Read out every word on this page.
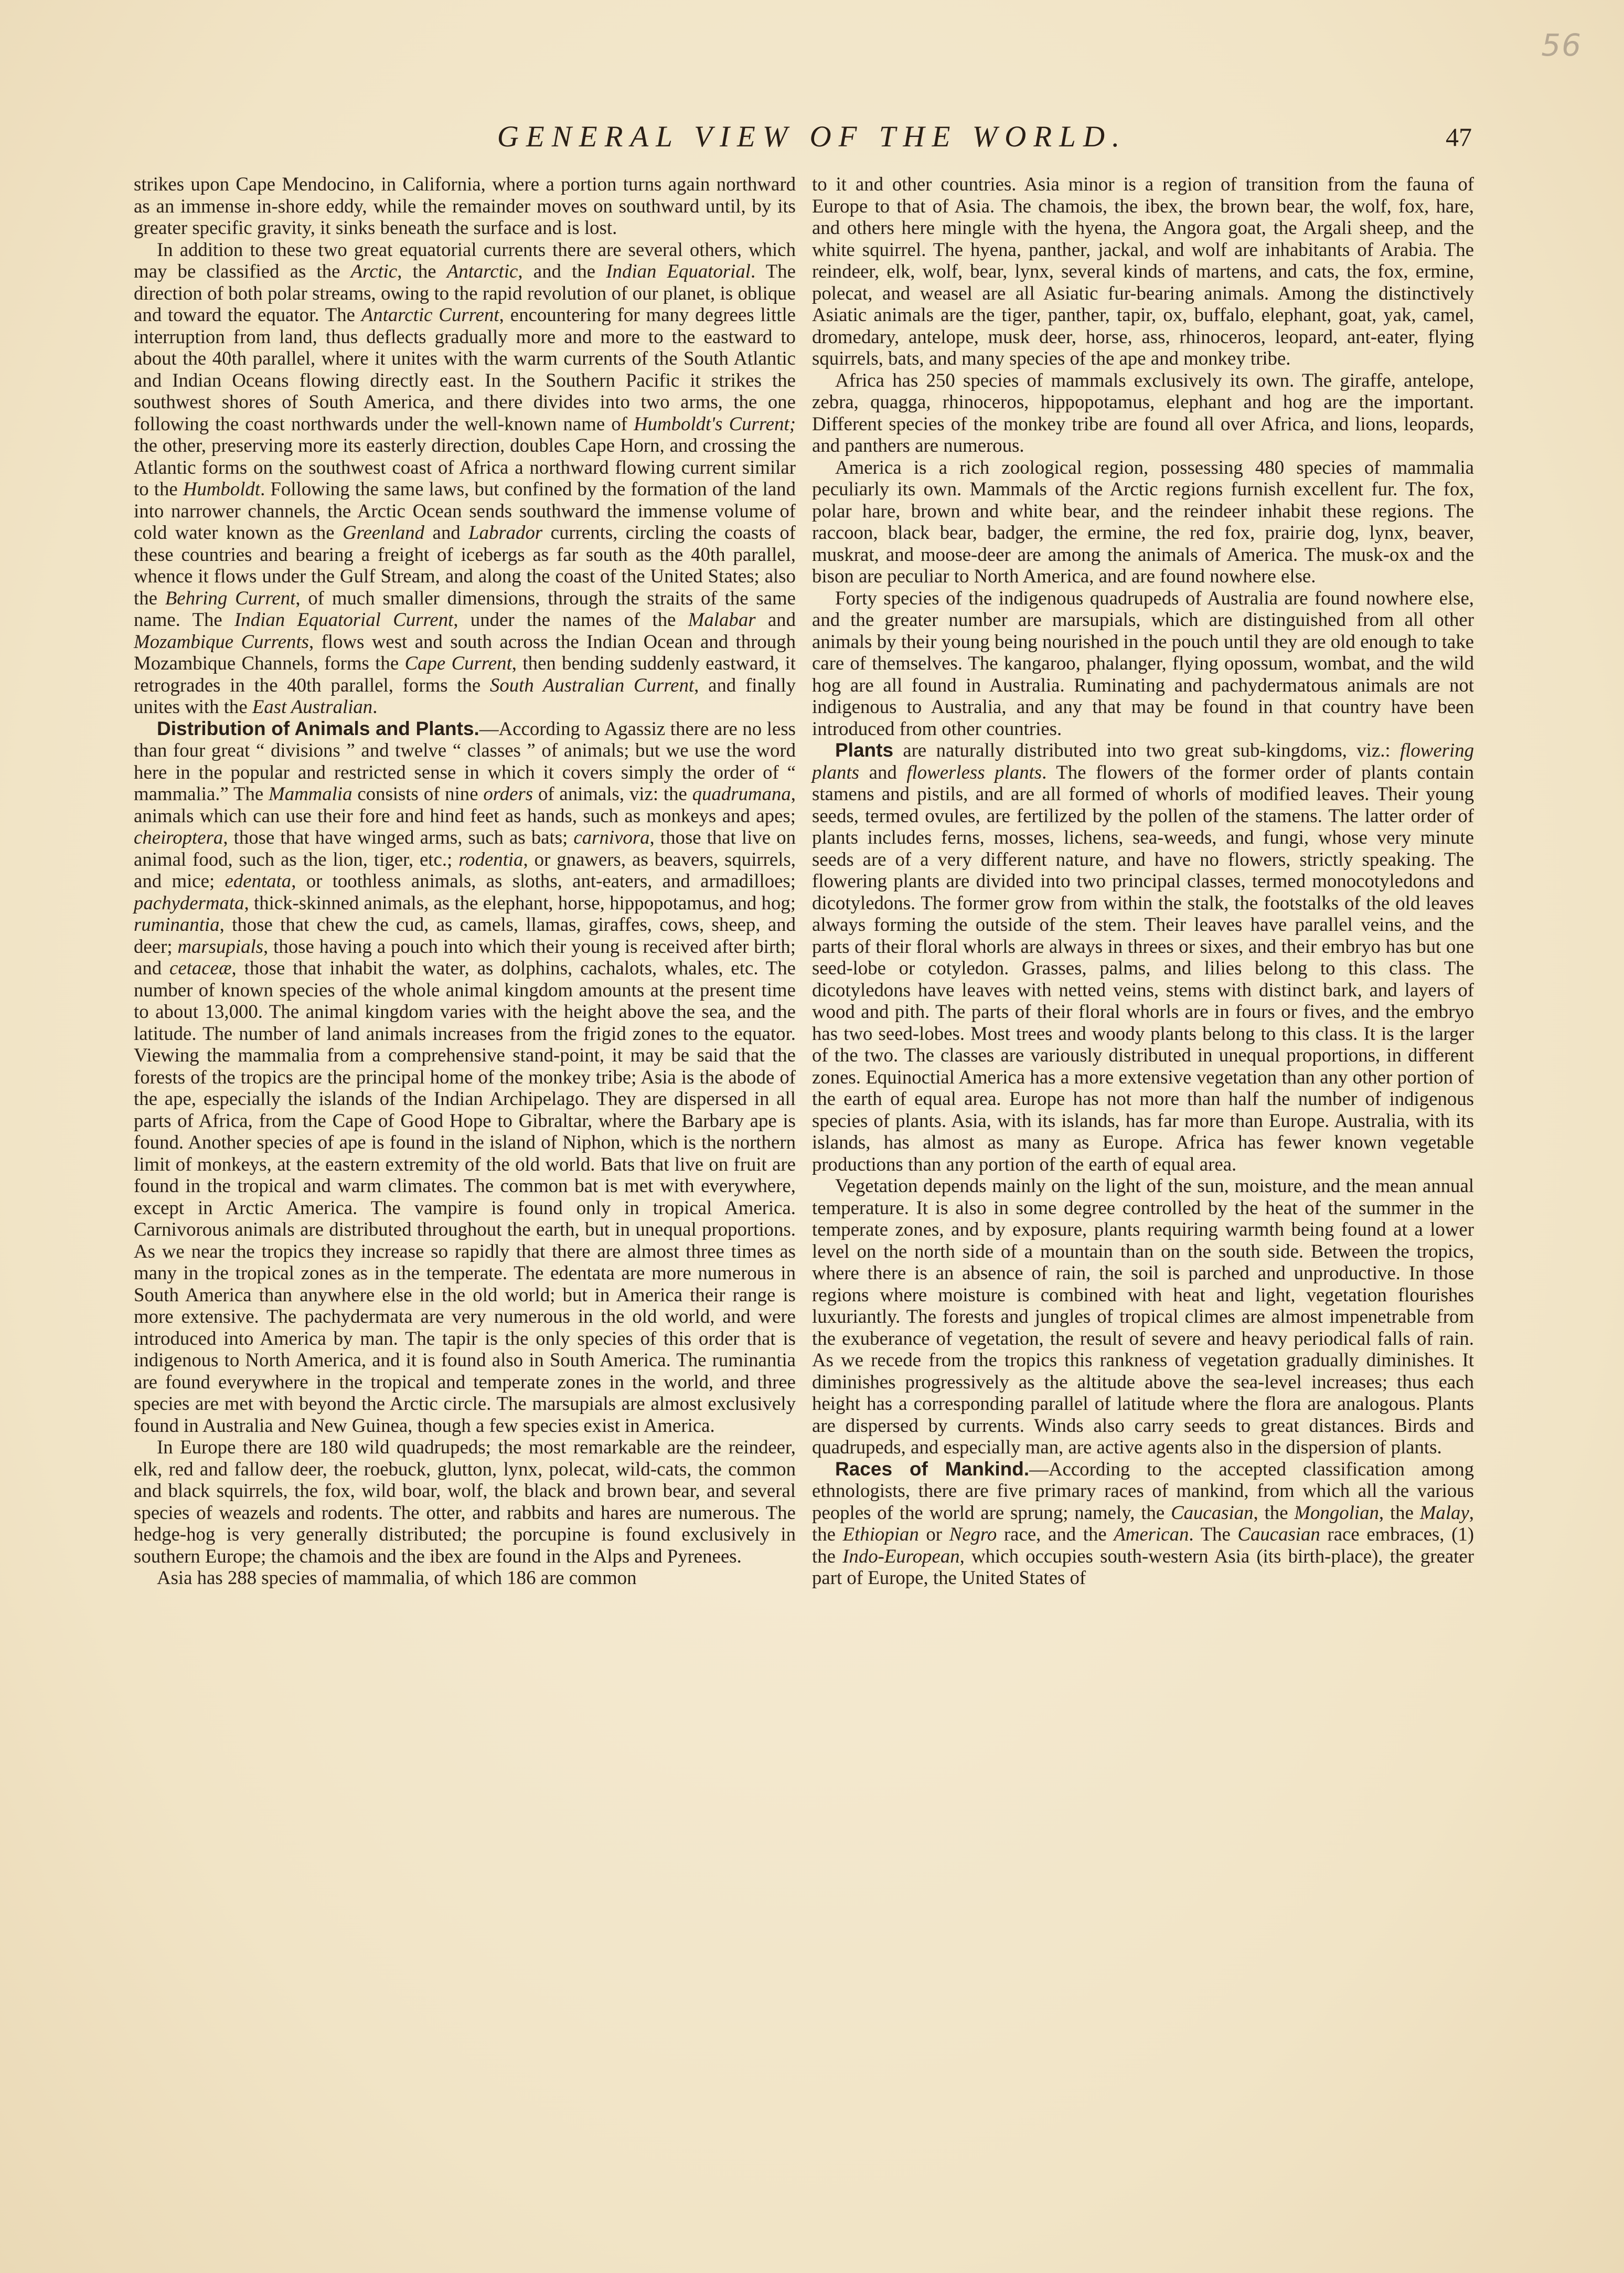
56
GENERAL VIEW OF THE WORLD.	47

strikes upon Cape Mendocino, in California, where a portion turns again northward as an immense in-shore eddy, while the remainder moves on southward until, by its greater specific gravity, it sinks beneath the surface and is lost.

In addition to these two great equatorial currents there are several others, which may be classified as the Arctic, the Antarctic, and the Indian Equatorial. The direction of both polar streams, owing to the rapid revolution of our planet, is oblique and toward the equator. The Antarctic Current, encountering for many degrees little interruption from land, thus deflects gradually more and more to the eastward to about the 40th parallel, where it unites with the warm currents of the South Atlantic and Indian Oceans flowing directly east. In the Southern Pacific it strikes the southwest shores of South America, and there divides into two arms, the one following the coast northwards under the well-known name of Humboldt's Current; the other, preserving more its easterly direction, doubles Cape Horn, and crossing the Atlantic forms on the southwest coast of Africa a northward flowing current similar to the Humboldt. Following the same laws, but confined by the formation of the land into narrower channels, the Arctic Ocean sends southward the immense volume of cold water known as the Greenland and Labrador currents, circling the coasts of these countries and bearing a freight of icebergs as far south as the 40th parallel, whence it flows under the Gulf Stream, and along the coast of the United States; also the Behring Current, of much smaller dimensions, through the straits of the same name. The Indian Equatorial Current, under the names of the Malabar and Mozambique Currents, flows west and south across the Indian Ocean and through Mozambique Channels, forms the Cape Current, then bending suddenly eastward, it retrogrades in the 40th parallel, forms the South Australian Current, and finally unites with the East Australian.

Distribution of Animals and Plants.—According to Agassiz there are no less than four great “ divisions ” and twelve “ classes ” of animals; but we use the word here in the popular and restricted sense in which it covers simply the order of “ mammalia.” The Mammalia consists of nine orders of animals, viz: the quadrumana, animals which can use their fore and hind feet as hands, such as monkeys and apes; cheiroptera, those that have winged arms, such as bats; carnivora, those that live on animal food, such as the lion, tiger, etc.; rodentia, or gnawers, as beavers, squirrels, and mice; edentata, or toothless animals, as sloths, ant-eaters, and armadilloes; pachydermata, thick-skinned animals, as the elephant, horse, hippopotamus, and hog; ruminantia, those that chew the cud, as camels, llamas, giraffes, cows, sheep, and deer; marsupials, those having a pouch into which their young is received after birth; and cetaceæ, those that inhabit the water, as dolphins, cachalots, whales, etc. The number of known species of the whole animal kingdom amounts at the present time to about 13,000. The animal kingdom varies with the height above the sea, and the latitude. The number of land animals increases from the frigid zones to the equator. Viewing the mammalia from a comprehensive stand-point, it may be said that the forests of the tropics are the principal home of the monkey tribe; Asia is the abode of the ape, especially the islands of the Indian Archipelago. They are dispersed in all parts of Africa, from the Cape of Good Hope to Gibraltar, where the Barbary ape is found. Another species of ape is found in the island of Niphon, which is the northern limit of monkeys, at the eastern extremity of the old world. Bats that live on fruit are found in the tropical and warm climates. The common bat is met with everywhere, except in Arctic America. The vampire is found only in tropical America. Carnivorous animals are distributed throughout the earth, but in unequal proportions. As we near the tropics they increase so rapidly that there are almost three times as many in the tropical zones as in the temperate. The edentata are more numerous in South America than anywhere else in the old world; but in America their range is more extensive. The pachydermata are very numerous in the old world, and were introduced into America by man. The tapir is the only species of this order that is indigenous to North America, and it is found also in South America. The ruminantia are found everywhere in the tropical and temperate zones in the world, and three species are met with beyond the Arctic circle. The marsupials are almost exclusively found in Australia and New Guinea, though a few species exist in America.

In Europe there are 180 wild quadrupeds; the most remarkable are the reindeer, elk, red and fallow deer, the roebuck, glutton, lynx, polecat, wild-cats, the common and black squirrels, the fox, wild boar, wolf, the black and brown bear, and several species of weazels and rodents. The otter, and rabbits and hares are numerous. The hedge-hog is very generally distributed; the porcupine is found exclusively in southern Europe; the chamois and the ibex are found in the Alps and Pyrenees.

Asia has 288 species of mammalia, of which 186 are common

to it and other countries. Asia minor is a region of transition from the fauna of Europe to that of Asia. The chamois, the ibex, the brown bear, the wolf, fox, hare, and others here mingle with the hyena, the Angora goat, the Argali sheep, and the white squirrel. The hyena, panther, jackal, and wolf are inhabitants of Arabia. The reindeer, elk, wolf, bear, lynx, several kinds of martens, and cats, the fox, ermine, polecat, and weasel are all Asiatic fur-bearing animals. Among the distinctively Asiatic animals are the tiger, panther, tapir, ox, buffalo, elephant, goat, yak, camel, dromedary, antelope, musk deer, horse, ass, rhinoceros, leopard, ant-eater, flying squirrels, bats, and many species of the ape and monkey tribe.

Africa has 250 species of mammals exclusively its own. The giraffe, antelope, zebra, quagga, rhinoceros, hippopotamus, elephant and hog are the important. Different species of the monkey tribe are found all over Africa, and lions, leopards, and panthers are numerous.

America is a rich zoological region, possessing 480 species of mammalia peculiarly its own. Mammals of the Arctic regions furnish excellent fur. The fox, polar hare, brown and white bear, and the reindeer inhabit these regions. The raccoon, black bear, badger, the ermine, the red fox, prairie dog, lynx, beaver, muskrat, and moose-deer are among the animals of America. The musk-ox and the bison are peculiar to North America, and are found nowhere else.

Forty species of the indigenous quadrupeds of Australia are found nowhere else, and the greater number are marsupials, which are distinguished from all other animals by their young being nourished in the pouch until they are old enough to take care of themselves. The kangaroo, phalanger, flying opossum, wombat, and the wild hog are all found in Australia. Ruminating and pachydermatous animals are not indigenous to Australia, and any that may be found in that country have been introduced from other countries.

Plants are naturally distributed into two great sub-kingdoms, viz.: flowering plants and flowerless plants. The flowers of the former order of plants contain stamens and pistils, and are all formed of whorls of modified leaves. Their young seeds, termed ovules, are fertilized by the pollen of the stamens. The latter order of plants includes ferns, mosses, lichens, sea-weeds, and fungi, whose very minute seeds are of a very different nature, and have no flowers, strictly speaking. The flowering plants are divided into two principal classes, termed monocotyledons and dicotyledons. The former grow from within the stalk, the footstalks of the old leaves always forming the outside of the stem. Their leaves have parallel veins, and the parts of their floral whorls are always in threes or sixes, and their embryo has but one seed-lobe or cotyledon. Grasses, palms, and lilies belong to this class. The dicotyledons have leaves with netted veins, stems with distinct bark, and layers of wood and pith. The parts of their floral whorls are in fours or fives, and the embryo has two seed-lobes. Most trees and woody plants belong to this class. It is the larger of the two. The classes are variously distributed in unequal proportions, in different zones. Equinoctial America has a more extensive vegetation than any other portion of the earth of equal area. Europe has not more than half the number of indigenous species of plants. Asia, with its islands, has far more than Europe. Australia, with its islands, has almost as many as Europe. Africa has fewer known vegetable productions than any portion of the earth of equal area.

Vegetation depends mainly on the light of the sun, moisture, and the mean annual temperature. It is also in some degree controlled by the heat of the summer in the temperate zones, and by exposure, plants requiring warmth being found at a lower level on the north side of a mountain than on the south side. Between the tropics, where there is an absence of rain, the soil is parched and unproductive. In those regions where moisture is combined with heat and light, vegetation flourishes luxuriantly. The forests and jungles of tropical climes are almost impenetrable from the exuberance of vegetation, the result of severe and heavy periodical falls of rain. As we recede from the tropics this rankness of vegetation gradually diminishes. It diminishes progressively as the altitude above the sea-level increases; thus each height has a corresponding parallel of latitude where the flora are analogous. Plants are dispersed by currents. Winds also carry seeds to great distances. Birds and quadrupeds, and especially man, are active agents also in the dispersion of plants.

Races of Mankind.—According to the accepted classification among ethnologists, there are five primary races of mankind, from which all the various peoples of the world are sprung; namely, the Caucasian, the Mongolian, the Malay, the Ethiopian or Negro race, and the American. The Caucasian race embraces, (1) the Indo-European, which occupies south-western Asia (its birth-place), the greater part of Europe, the United States of
